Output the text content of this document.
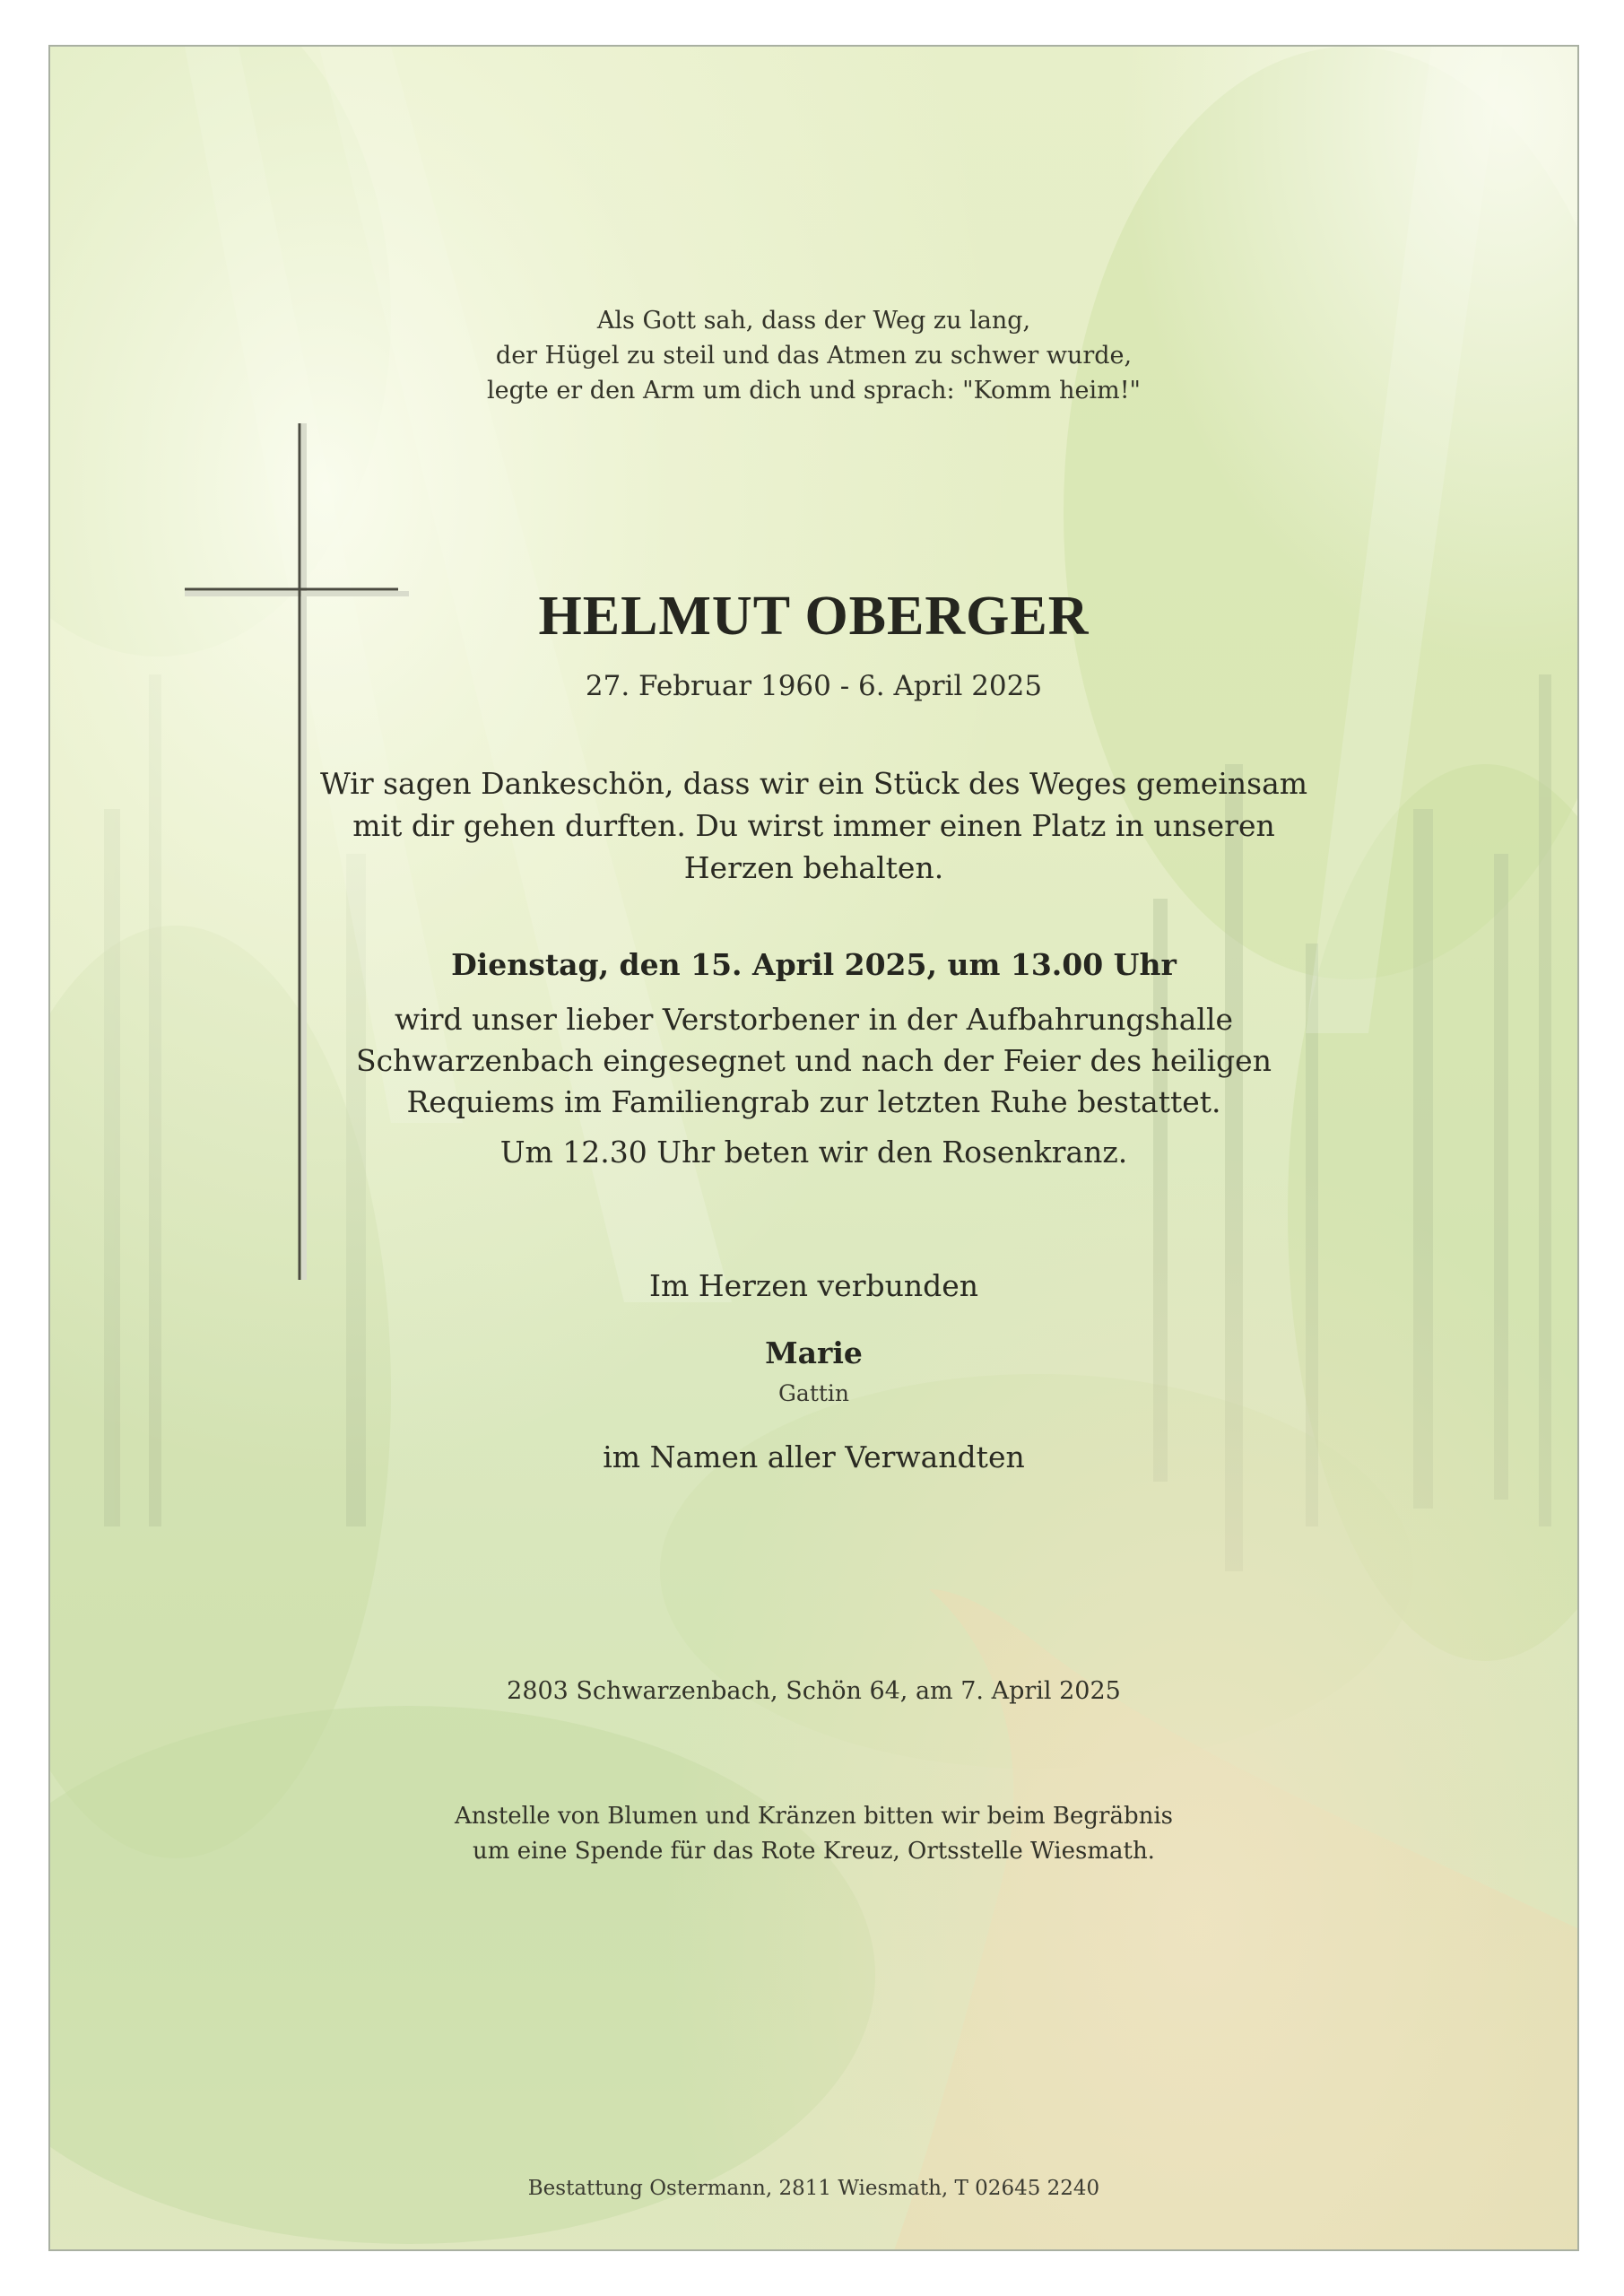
Als Gott sah, dass der Weg zu lang,
der Hügel zu steil und das Atmen zu schwer wurde,
legte er den Arm um dich und sprach: "Komm heim!"
HELMUT OBERGER
27. Februar 1960 - 6. April 2025
Wir sagen Dankeschön, dass wir ein Stück des Weges gemeinsam
mit dir gehen durften. Du wirst immer einen Platz in unseren
Herzen behalten.
Dienstag, den 15. April 2025, um 13.00 Uhr
wird unser lieber Verstorbener in der Aufbahrungshalle
Schwarzenbach eingesegnet und nach der Feier des heiligen
Requiems im Familiengrab zur letzten Ruhe bestattet.
Um 12.30 Uhr beten wir den Rosenkranz.
Im Herzen verbunden
Marie
Gattin
im Namen aller Verwandten
2803 Schwarzenbach, Schön 64, am 7. April 2025
Anstelle von Blumen und Kränzen bitten wir beim Begräbnis
um eine Spende für das Rote Kreuz, Ortsstelle Wiesmath.
Bestattung Ostermann, 2811 Wiesmath, T 02645 2240
